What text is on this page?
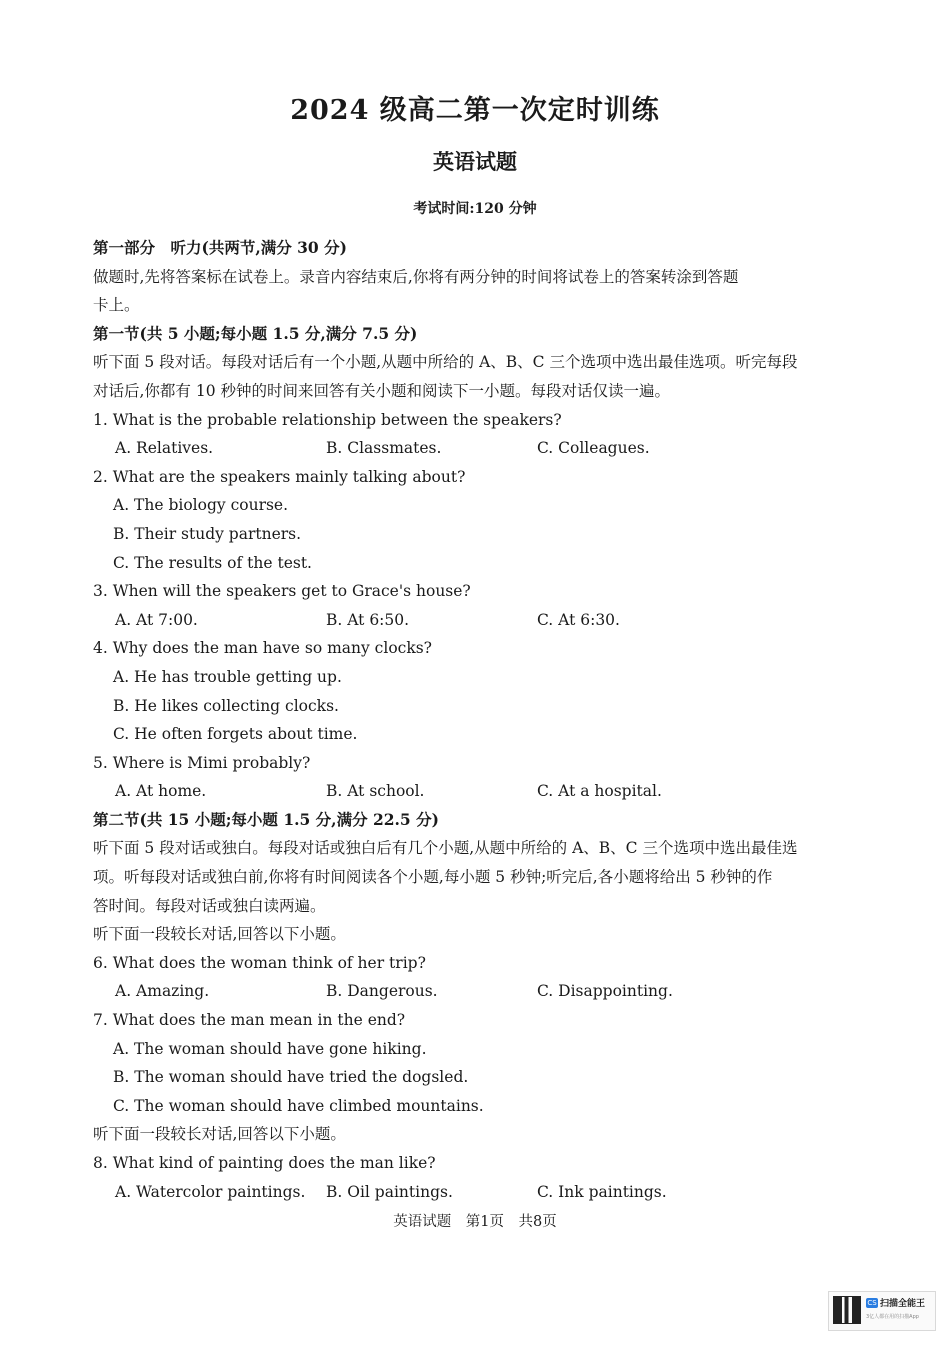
2024 级高二第一次定时训练
英语试题
考试时间:120 分钟
第一部分　听力(共两节,满分 30 分)
做题时,先将答案标在试卷上。录音内容结束后,你将有两分钟的时间将试卷上的答案转涂到答题
卡上。
第一节(共 5 小题;每小题 1.5 分,满分 7.5 分)
听下面 5 段对话。每段对话后有一个小题,从题中所给的 A、B、C 三个选项中选出最佳选项。听完每段
对话后,你都有 10 秒钟的时间来回答有关小题和阅读下一小题。每段对话仅读一遍。
1. What is the probable relationship between the speakers?
A. Relatives.	B. Classmates.	C. Colleagues.
2. What are the speakers mainly talking about?
A. The biology course.
B. Their study partners.
C. The results of the test.
3. When will the speakers get to Grace's house?
A. At 7:00.	B. At 6:50.	C. At 6:30.
4. Why does the man have so many clocks?
A. He has trouble getting up.
B. He likes collecting clocks.
C. He often forgets about time.
5. Where is Mimi probably?
A. At home.	B. At school.	C. At a hospital.
第二节(共 15 小题;每小题 1.5 分,满分 22.5 分)
听下面 5 段对话或独白。每段对话或独白后有几个小题,从题中所给的 A、B、C 三个选项中选出最佳选
项。听每段对话或独白前,你将有时间阅读各个小题,每小题 5 秒钟;听完后,各小题将给出 5 秒钟的作
答时间。每段对话或独白读两遍。
听下面一段较长对话,回答以下小题。
6. What does the woman think of her trip?
A. Amazing.	B. Dangerous.	C. Disappointing.
7. What does the man mean in the end?
A. The woman should have gone hiking.
B. The woman should have tried the dogsled.
C. The woman should have climbed mountains.
听下面一段较长对话,回答以下小题。
8. What kind of painting does the man like?
A. Watercolor paintings. B. Oil paintings.	C. Ink paintings.
英语试题　第1页　共8页
CS 扫描全能王
3亿人都在用的扫描App
